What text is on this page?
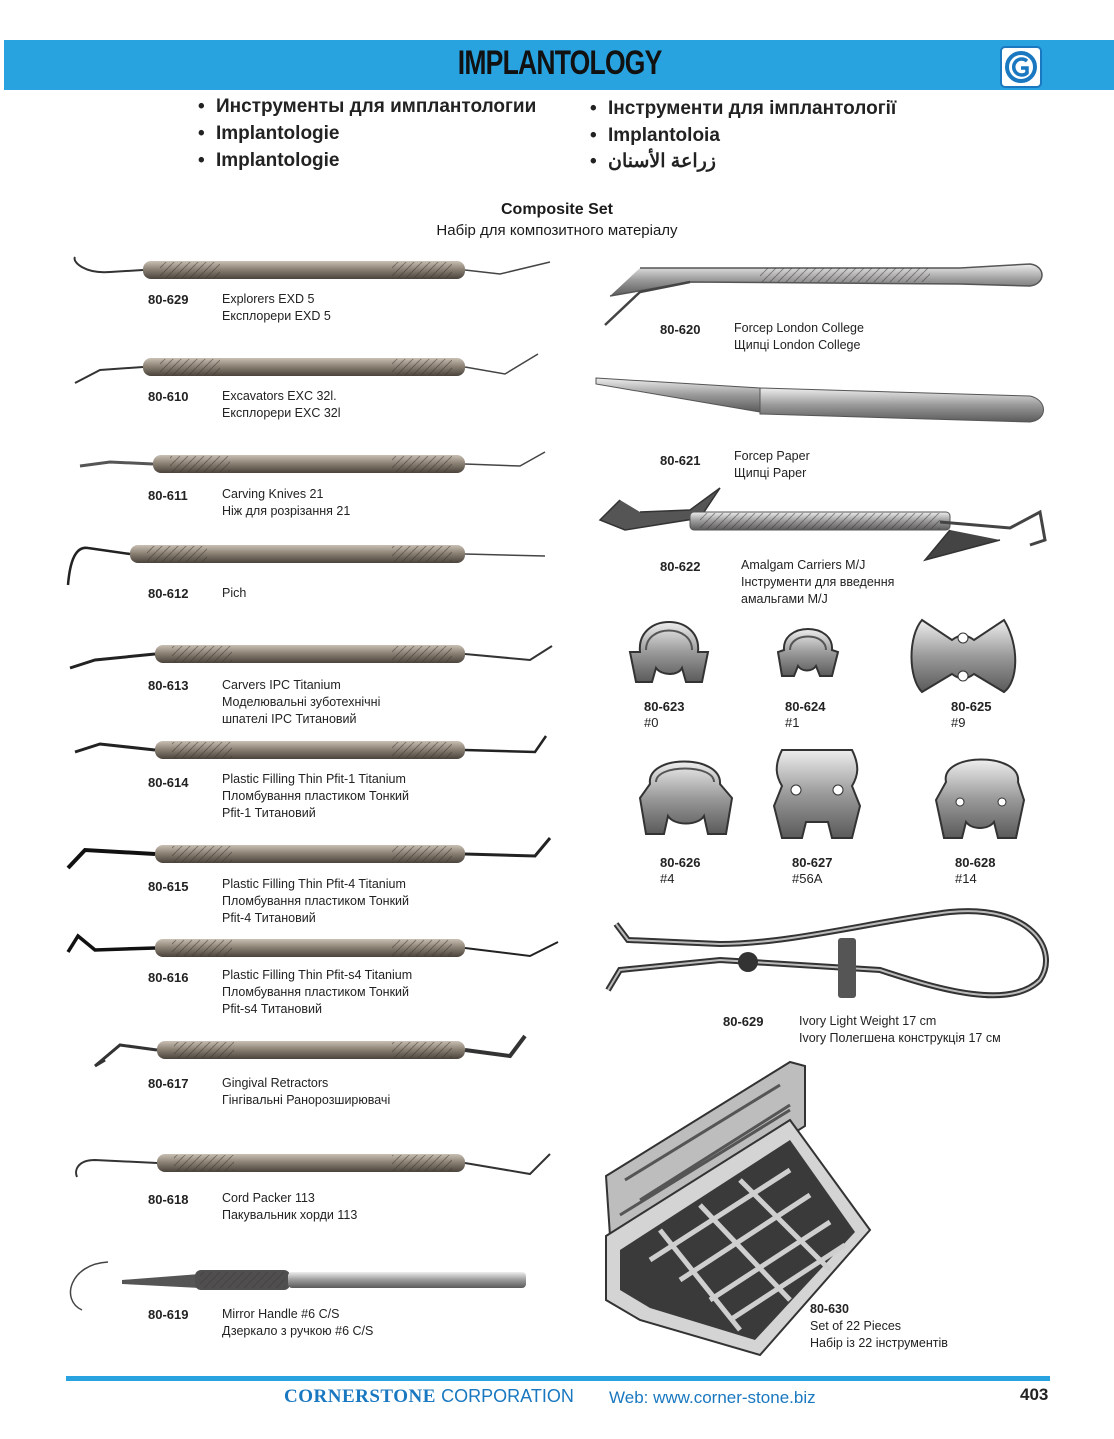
IMPLANTOLOGY
• Инструменты для имплантологии
• Implantologie
• Implantologie
• Інструменти для імплантології
• Implantoloia
• زراعة الأسنان
Composite Set
Набір для композитного матеріалу
80-629	Explorers EXD 5
Експлорери EXD 5
80-610	Excavators EXC 32l.
Експлорери EXC 32l
80-611	Carving Knives 21
Ніж для розрізання 21
80-612	Pich
80-613	Carvers IPC Titanium
Моделювальні зуботехнічні
шпателі IPC Титановий
80-614	Plastic Filling Thin Pfit-1 Titanium
Пломбування пластиком Тонкий
Pfit-1 Титановий
80-615	Plastic Filling Thin Pfit-4 Titanium
Пломбування пластиком Тонкий
Pfit-4 Титановий
80-616	Plastic Filling Thin Pfit-s4 Titanium
Пломбування пластиком Тонкий
Pfit-s4 Титановий
80-617	Gingival Retractors
Гінгівальні Ранорозширювачі
80-618	Cord Packer 113
Пакувальник хорди 113
80-619	Mirror Handle #6 C/S
Дзеркало з ручкою #6 C/S
80-620	Forcep London College
Щипці London College
80-621	Forcep Paper
Щипці Paper
80-622	Amalgam Carriers M/J
Інструменти для введення
амальгами M/J
80-623
#0
80-624
#1
80-625
#9
80-626
#4
80-627
#56A
80-628
#14
80-629	Ivory Light Weight 17 cm
Ivory Полегшена конструкція 17 см
80-630
Set of 22 Pieces
Набір із 22 інструментів
CORNERSTONE CORPORATION Web: www.corner-stone.biz	403
